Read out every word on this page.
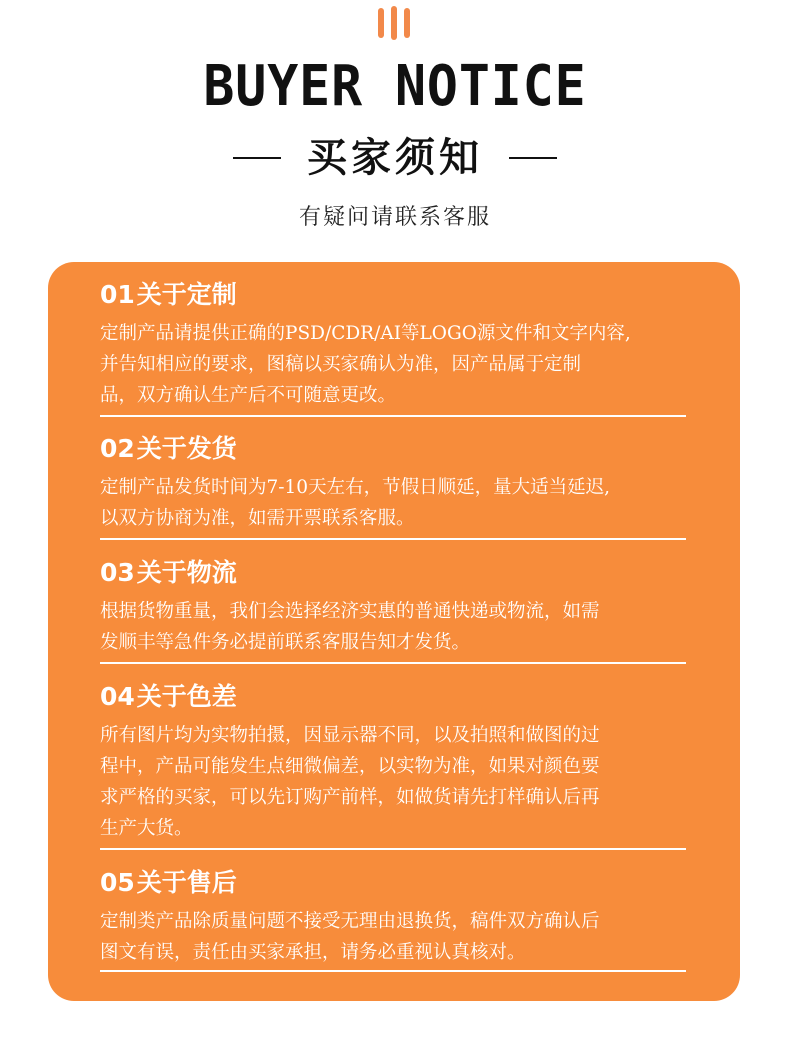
BUYER NOTICE
买家须知
有疑问请联系客服
01关于定制
定制产品请提供正确的PSD/CDR/AI等LOGO源文件和文字内容,
并告知相应的要求，图稿以买家确认为准，因产品属于定制
品，双方确认生产后不可随意更改。
02关于发货
定制产品发货时间为7-10天左右，节假日顺延，量大适当延迟,
以双方协商为准，如需开票联系客服。
03关于物流
根据货物重量，我们会选择经济实惠的普通快递或物流，如需
发顺丰等急件务必提前联系客服告知才发货。
04关于色差
所有图片均为实物拍摄，因显示器不同，以及拍照和做图的过
程中，产品可能发生点细微偏差，以实物为准，如果对颜色要
求严格的买家，可以先订购产前样，如做货请先打样确认后再
生产大货。
05关于售后
定制类产品除质量问题不接受无理由退换货，稿件双方确认后
图文有误，责任由买家承担，请务必重视认真核对。
